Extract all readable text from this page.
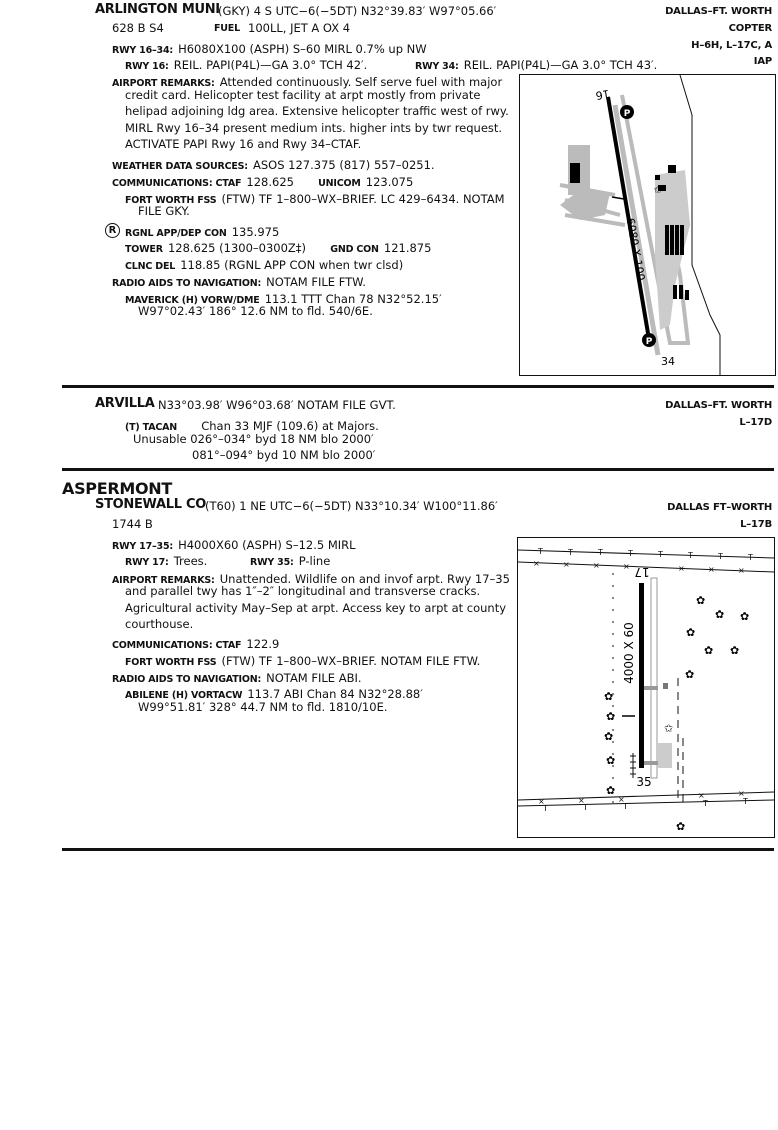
ARLINGTON MUNI
(GKY) 4 S UTC−6(−5DT) N32°39.83′ W97°05.66′
628 B S4	FUEL 100LL, JET A OX 4
RWY 16–34: H6080X100 (ASPH) S–60 MIRL 0.7% up NW
RWY 16: REIL. PAPI(P4L)—GA 3.0° TCH 42′.	RWY 34: REIL. PAPI(P4L)—GA 3.0° TCH 43′.
AIRPORT REMARKS: Attended continuously. Self serve fuel with major
credit card. Helicopter test facility at arpt mostly from private
helipad adjoining ldg area. Extensive helicopter traffic west of rwy.
MIRL Rwy 16–34 present medium ints. higher ints by twr request.
ACTIVATE PAPI Rwy 16 and Rwy 34–CTAF.
WEATHER DATA SOURCES: ASOS 127.375 (817) 557–0251.
COMMUNICATIONS: CTAF 128.625	UNICOM 123.075
FORT WORTH FSS (FTW) TF 1–800–WX–BRIEF. LC 429–6434. NOTAM
FILE GKY.
R RGNL APP/DEP CON 135.975
TOWER 128.625 (1300–0300Z‡)	GND CON 121.875
CLNC DEL 118.85 (RGNL APP CON when twr clsd)
RADIO AIDS TO NAVIGATION: NOTAM FILE FTW.
MAVERICK (H) VORW/DME 113.1 TTT Chan 78 N32°52.15′
W97°02.43′ 186° 12.6 NM to fld. 540/6E.
DALLAS–FT. WORTH
COPTER
H–6H, L–17C, A
IAP
P
P
16
34
6080 X 100
✩
ARVILLA N33°03.98′ W96°03.68′ NOTAM FILE GVT.
(T) TACAN Chan 33 MJF (109.6) at Majors.
Unusable 026°–034° byd 18 NM blo 2000′
081°–094° byd 10 NM blo 2000′
DALLAS–FT. WORTH
L–17D
ASPERMONT
STONEWALL CO (T60) 1 NE UTC−6(−5DT) N33°10.34′ W100°11.86′
1744 B
RWY 17–35: H4000X60 (ASPH) S–12.5 MIRL
RWY 17: Trees.	RWY 35: P-line
AIRPORT REMARKS: Unattended. Wildlife on and invof arpt. Rwy 17–35
and parallel twy has 1″–2″ longitudinal and transverse cracks.
Agricultural activity May–Sep at arpt. Access key to arpt at county
courthouse.
COMMUNICATIONS: CTAF 122.9
FORT WORTH FSS (FTW) TF 1–800–WX–BRIEF. NOTAM FILE FTW.
RADIO AIDS TO NAVIGATION: NOTAM FILE ABI.
ABILENE (H) VORTACW 113.7 ABI Chan 84 N32°28.88′
W99°51.81′ 328° 44.7 NM to fld. 1810/10E.
DALLAS FT–WORTH
L–17B
T	T	T	T	T	T	T	T
×	×	×	×	×	×	×
×	×	×	×	×
T	T	T	T	T
17
35
4000 X 60
✿
✿ ✿
✿
✿ ✿
✿
✿
✿
✿
✿
✿
✿
✩
